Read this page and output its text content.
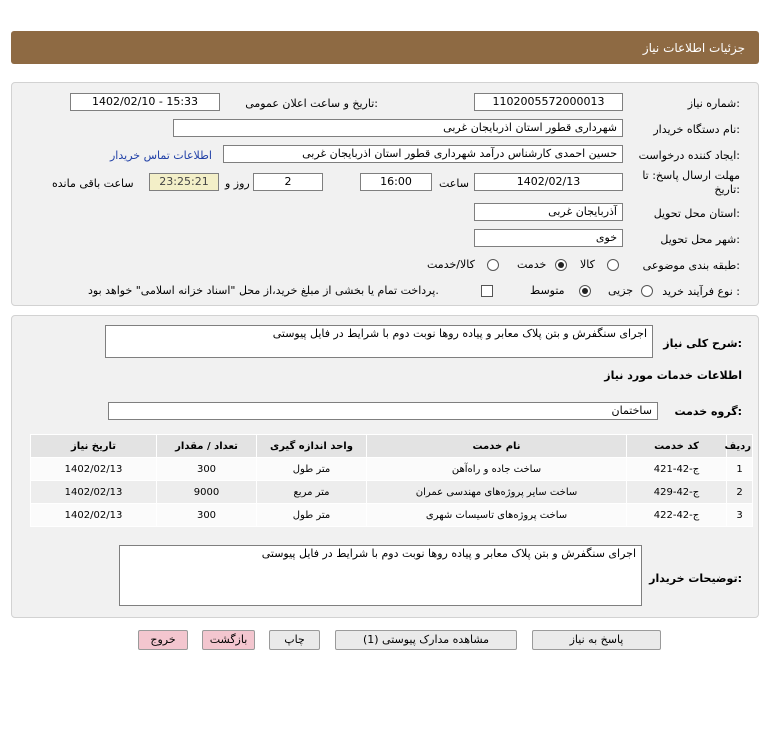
جزئیات اطلاعات نیاز
شماره نیاز:
1102005572000013
تاریخ و ساعت اعلان عمومی:
1402/02/10 - 15:33
نام دستگاه خریدار:
شهرداری قطور استان اذربایجان غربی
ایجاد کننده درخواست:
حسین احمدی کارشناس درآمد شهرداری قطور استان اذربایجان غربی
اطلاعات تماس خریدار
مهلت ارسال پاسخ: تا
تاریخ:
1402/02/13
ساعت
16:00
2
روز و
23:25:21
ساعت باقی مانده
استان محل تحویل:
آذربایجان غربی
شهر محل تحویل:
خوی
طبقه بندی موضوعی:
کالا
خدمت
کالا/خدمت
نوع فرآیند خرید :
جزیی
متوسط
پرداخت تمام یا بخشی از مبلغ خرید،از محل "اسناد خزانه اسلامی" خواهد بود.
شرح کلی نیاز:
اجرای سنگفرش و بتن پلاک معابر و پیاده روها نوبت دوم با شرایط در فایل پیوستی
اطلاعات خدمات مورد نیاز
گروه خدمت:
ساختمان
ردیف	کد خدمت	نام خدمت	واحد اندازه گیری	تعداد / مقدار	تاریخ نیاز
1	ج-42-421	ساخت جاده و راه‌آهن	متر طول	300	1402/02/13
2	ج-42-429	ساخت سایر پروژه‌های مهندسی عمران	متر مربع	9000	1402/02/13
3	ج-42-422	ساخت پروژه‌های تاسیسات شهری	متر طول	300	1402/02/13
توضیحات خریدار:
اجرای سنگفرش و بتن پلاک معابر و پیاده روها نوبت دوم با شرایط در فایل پیوستی
پاسخ به نیاز
مشاهده مدارک پیوستی (1)
چاپ
بازگشت
خروج
